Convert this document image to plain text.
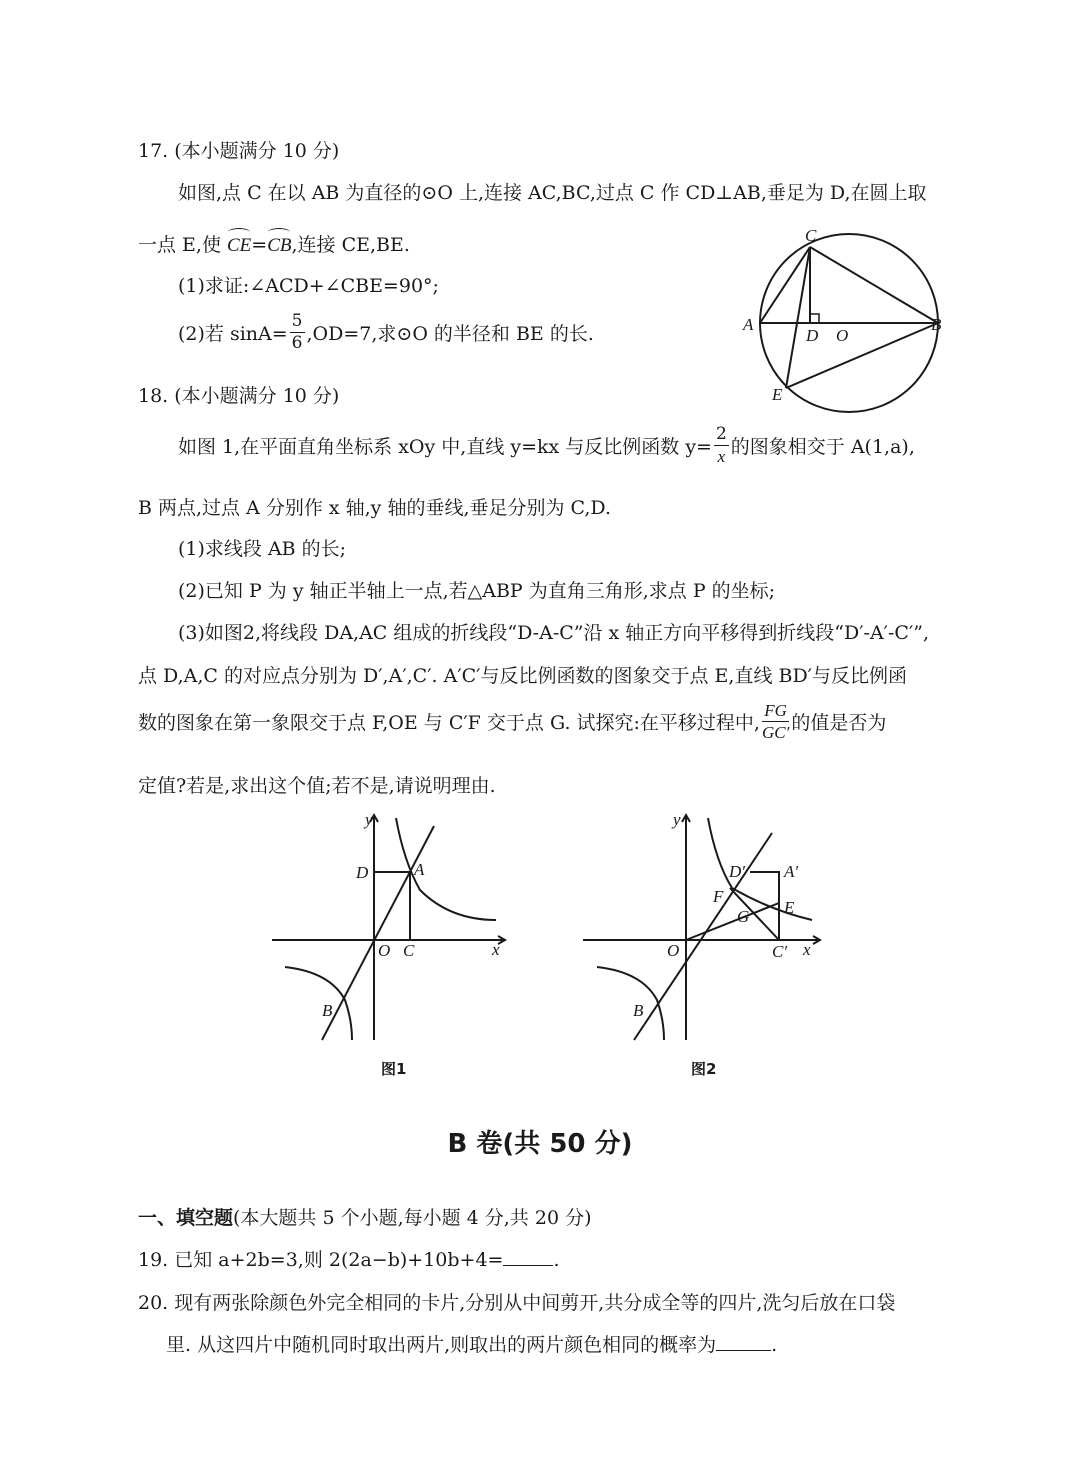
17. (本小题满分 10 分)
如图,点 C 在以 AB 为直径的⊙O 上,连接 AC,BC,过点 C 作 CD⊥AB,垂足为 D,在圆上取
一点 E,使 CE=CB,连接 CE,BE.
(1)求证:∠ACD+∠CBE=90°;
(2)若 $\sin A= \frac{5}{6} ,OD=7$,求⊙O 的半径和 BE 的长.
C
A
D O
B
E
18. (本小题满分 10 分)
如图 1,在平面直角坐标系 xOy 中,直线 y=kx 与反比例函数 $y= \frac{2}{x}$ 的图象相交于 A(1,a),
B 两点,过点 A 分别作 x 轴,y 轴的垂线,垂足分别为 C,D.
(1)求线段 AB 的长;
(2)已知 P 为 y 轴正半轴上一点,若△ABP 为直角三角形,求点 P 的坐标;
(3)如图2,将线段 DA,AC 组成的折线段“D-A-C”沿 x 轴正方向平移得到折线段“D′-A′-C′”,
点 D,A,C 的对应点分别为 D′,A′,C′. A′C′与反比例函数的图象交于点 E,直线 BD′与反比例函
数的图象在第一象限交于点 F,OE 与 C′F 交于点 G. 试探究:在平移过程中, $\frac{FG}{GC'}$ 的值是否为
定值?若是,求出这个值;若不是,请说明理由.
y
D	A
O C	x
B
图1
y
D′ A′
F
G E
O	C′ x
B
图2
B 卷(共 50 分)
一、填空题(本大题共 5 个小题,每小题 4 分,共 20 分)
19. 已知 a+2b=3,则 2(2a−b)+10b+4=	.
20. 现有两张除颜色外完全相同的卡片,分别从中间剪开,共分成全等的四片,洗匀后放在口袋
里. 从这四片中随机同时取出两片,则取出的两片颜色相同的概率为	.
